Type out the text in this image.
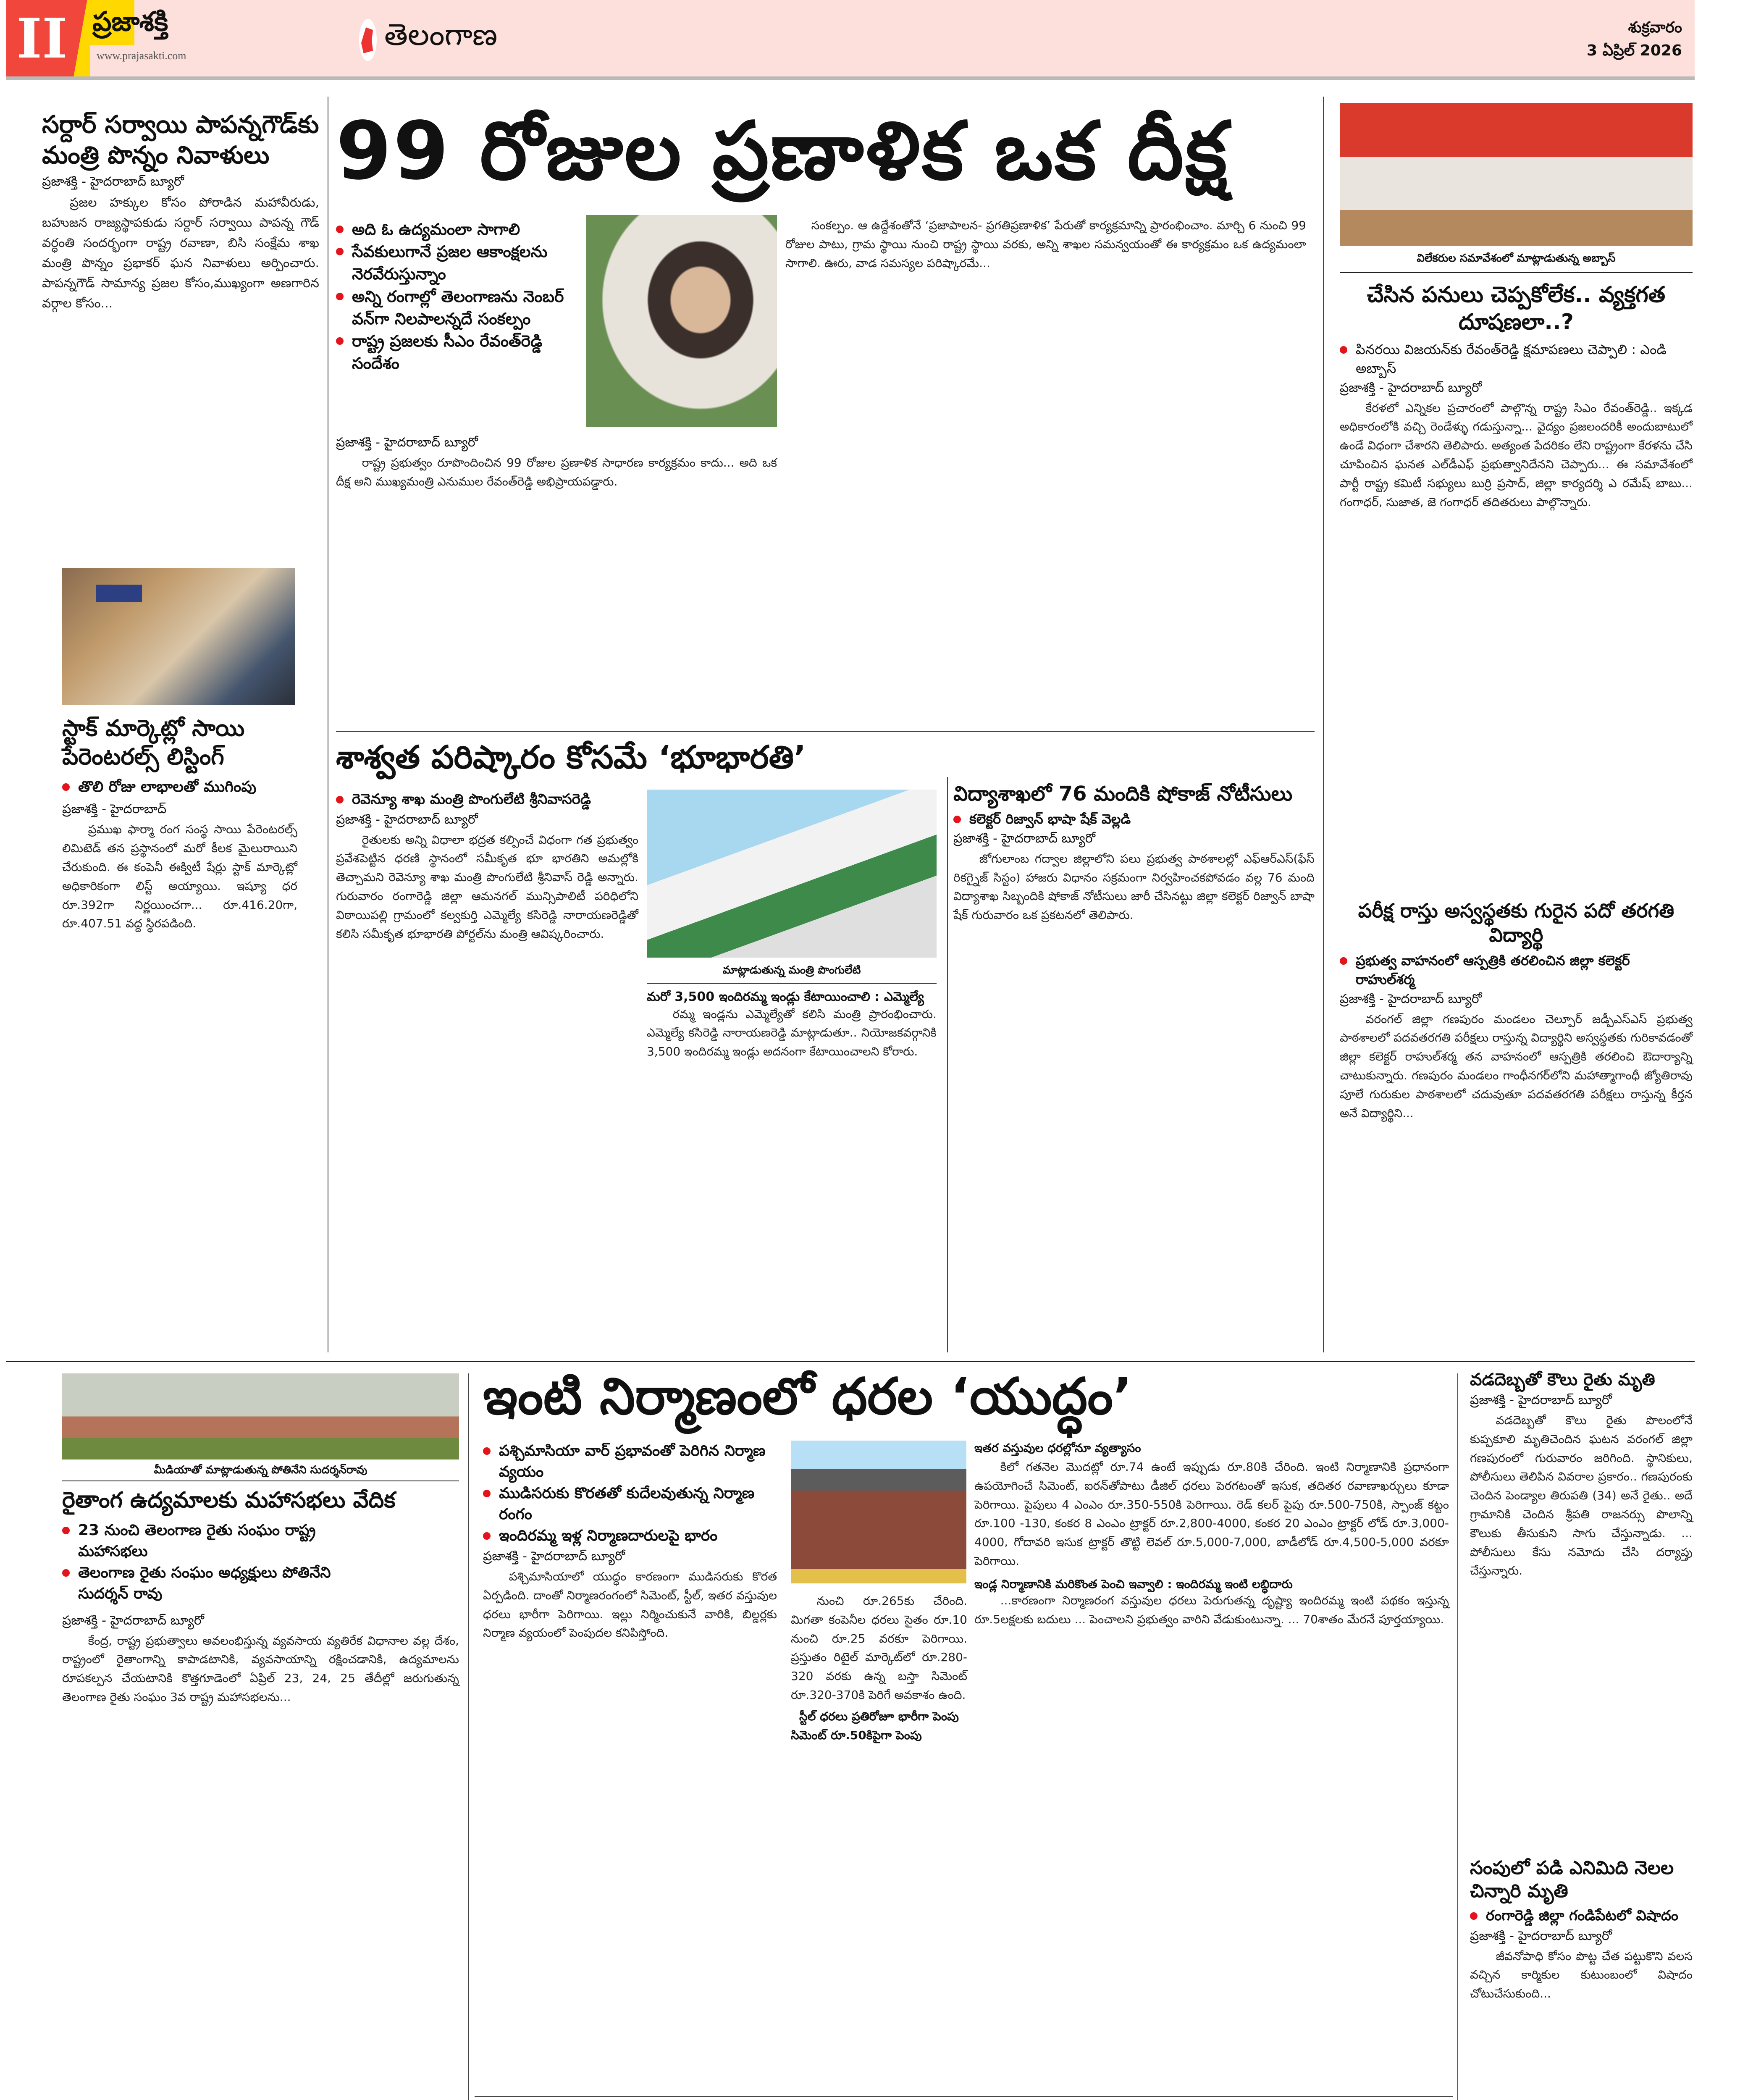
II ప్రజాశక్తి
www.prajasakti.com
తెలంగాణ	శుక్రవారం
3 ఏప్రిల్ 2026
సర్దార్ సర్వాయి పాపన్నగౌడ్‌కు మంత్రి పొన్నం నివాళులు
ప్రజాశక్తి - హైదరాబాద్ బ్యూరో

ప్రజల హక్కుల కోసం పోరాడిన మహావీరుడు, బహుజన రాజ్యస్థాపకుడు సర్దార్ సర్వాయి పాపన్న గౌడ్ వర్ధంతి సందర్భంగా రాష్ట్ర రవాణా, బిసి సంక్షేమ శాఖ మంత్రి పొన్నం ప్రభాకర్ ఘన నివాళులు అర్పించారు. పాపన్నగౌడ్ సామాన్య ప్రజల కోసం,ముఖ్యంగా అణగారిన వర్గాల కోసం...

స్టాక్ మార్కెట్లో సాయి పేరెంటరల్స్ లిస్టింగ్
తొలి రోజు లాభాలతో ముగింపు
ప్రజాశక్తి - హైదరాబాద్

ప్రముఖ ఫార్మా రంగ సంస్థ సాయి పేరెంటరల్స్ లిమిటెడ్ తన ప్రస్థానంలో మరో కీలక మైలురాయిని చేరుకుంది. ఈ కంపెనీ ఈక్విటీ షేర్లు స్టాక్ మార్కెట్లో అధికారికంగా లిస్ట్ అయ్యాయి. ఇష్యూ ధర రూ.392గా నిర్ణయించగా... రూ.416.20గా, రూ.407.51 వద్ద స్థిరపడింది.

99 రోజుల ప్రణాళిక ఒక దీక్ష
అది ఓ ఉద్యమంలా సాగాలి
సేవకులుగానే ప్రజల ఆకాంక్షలను నెరవేరుస్తున్నాం
అన్ని రంగాల్లో తెలంగాణను నెంబర్ వన్‌గా నిలపాలన్నదే సంకల్పం
రాష్ట్ర ప్రజలకు సీఎం రేవంత్‌రెడ్డి సందేశం
ప్రజాశక్తి - హైదరాబాద్ బ్యూరో

రాష్ట్ర ప్రభుత్వం రూపొందించిన 99 రోజుల ప్రణాళిక సాధారణ కార్యక్రమం కాదు... అది ఒక దీక్ష అని ముఖ్యమంత్రి ఎనుముల రేవంత్‌రెడ్డి అభిప్రాయపడ్డారు.

సంకల్పం. ఆ ఉద్దేశంతోనే ‘ప్రజాపాలన- ప్రగతిప్రణాళిక’ పేరుతో కార్యక్రమాన్ని ప్రారంభించాం. మార్చి 6 నుంచి 99 రోజుల పాటు, గ్రామ స్థాయి నుంచి రాష్ట్ర స్థాయి వరకు, అన్ని శాఖల సమన్వయంతో ఈ కార్యక్రమం ఒక ఉద్యమంలా సాగాలి. ఊరు, వాడ సమస్యల పరిష్కారమే...	విలేకరుల సమావేశంలో మాట్లాడుతున్న అబ్బాస్
చేసిన పనులు చెప్పకోలేక.. వ్యక్తగత దూషణలా..?
పినరయి విజయన్‌కు రేవంత్‌రెడ్డి క్షమాపణలు చెప్పాలి : ఎండి అబ్బాస్
ప్రజాశక్తి - హైదరాబాద్ బ్యూరో

కేరళలో ఎన్నికల ప్రచారంలో పాల్గొన్న రాష్ట్ర సిఎం రేవంత్‌రెడ్డి.. ఇక్కడ అధికారంలోకి వచ్చి రెండేళ్ళు గడుస్తున్నా... వైద్యం ప్రజలందరికీ అందుబాటులో ఉండే విధంగా చేశారని తెలిపారు. అత్యంత పేదరికం లేని రాష్ట్రంగా కేరళను చేసి చూపించిన ఘనత ఎల్‌డీఎఫ్ ప్రభుత్వానిదేనని చెప్పారు... ఈ సమావేశంలో పార్టీ రాష్ట్ర కమిటీ సభ్యులు బుర్రి ప్రసాద్, జిల్లా కార్యదర్శి ఎ రమేష్ బాబు... గంగాధర్, సుజాత, జె గంగాధర్ తదితరులు పాల్గొన్నారు.

శాశ్వత పరిష్కారం కోసమే ‘భూభారతి’
రెవెన్యూ శాఖ మంత్రి పొంగులేటి శ్రీనివాసరెడ్డి
ప్రజాశక్తి - హైదరాబాద్ బ్యూరో

రైతులకు అన్ని విధాలా భద్రత కల్పించే విధంగా గత ప్రభుత్వం ప్రవేశపెట్టిన ధరణి స్థానంలో సమీకృత భూ భారతిని అమల్లోకి తెచ్చామని రెవెన్యూ శాఖ మంత్రి పొంగులేటి శ్రీనివాస్ రెడ్డి అన్నారు. గురువారం రంగారెడ్డి జిల్లా ఆమనగల్ మున్సిపాలిటీ పరిధిలోని విఠాయిపల్లి గ్రామంలో కల్వకుర్తి ఎమ్మెల్యే కసిరెడ్డి నారాయణరెడ్డితో కలిసి సమీకృత భూభారతి పోర్టల్‌ను మంత్రి ఆవిష్కరించారు.

మాట్లాడుతున్న మంత్రి పొంగులేటి
మరో 3,500 ఇందిరమ్మ ఇండ్లు కేటాయించాలి : ఎమ్మెల్యే

రమ్మ ఇండ్లను ఎమ్మెల్యేతో కలిసి మంత్రి ప్రారంభించారు. ఎమ్మెల్యే కసిరెడ్డి నారాయణరెడ్డి మాట్లాడుతూ.. నియోజకవర్గానికి 3,500 ఇందిరమ్మ ఇండ్లు అదనంగా కేటాయించాలని కోరారు.

విద్యాశాఖలో 76 మందికి షోకాజ్ నోటీసులు
కలెక్టర్ రిజ్వాన్ భాషా షేక్ వెల్లడి
ప్రజాశక్తి - హైదరాబాద్ బ్యూరో

జోగులాంబ గద్వాల జిల్లాలోని పలు ప్రభుత్వ పాఠశాలల్లో ఎఫ్‌ఆర్‌ఎస్(ఫేస్ రికగ్నైజ్ సిస్టం) హాజరు విధానం సక్రమంగా నిర్వహించకపోవడం వల్ల 76 మంది విద్యాశాఖ సిబ్బందికి షోకాజ్ నోటీసులు జారీ చేసినట్టు జిల్లా కలెక్టర్ రిజ్వాన్ బాషా షేక్ గురువారం ఒక ప్రకటనలో తెలిపారు.	పరీక్ష రాస్తు అస్వస్థతకు గురైన పదో తరగతి విద్యార్థి
ప్రభుత్వ వాహనంలో ఆస్పత్రికి తరలించిన జిల్లా కలెక్టర్ రాహుల్‌శర్మ
ప్రజాశక్తి - హైదరాబాద్ బ్యూరో

వరంగల్ జిల్లా గణపురం మండలం చెల్పూర్ జడ్పీఎస్ఎస్ ప్రభుత్వ పాఠశాలలో పదవతరగతి పరీక్షలు రాస్తున్న విద్యార్థిని అస్వస్థతకు గురికావడంతో జిల్లా కలెక్టర్ రాహుల్‌శర్మ తన వాహనంలో ఆస్పత్రికి తరలించి ఔదార్యాన్ని చాటుకున్నారు. గణపురం మండలం గాంధీనగర్‌లోని మహాత్మాగాంధీ జ్యోతిరావు పూలే గురుకుల పాఠశాలలో చదువుతూ పదవతరగతి పరీక్షలు రాస్తున్న కీర్తన అనే విద్యార్థిని...

మీడియాతో మాట్లాడుతున్న పోతినేని సుదర్శన్‌రావు
రైతాంగ ఉద్యమాలకు మహాసభలు వేదిక
23 నుంచి తెలంగాణ రైతు సంఘం రాష్ట్ర మహాసభలు
తెలంగాణ రైతు సంఘం అధ్యక్షులు పోతినేని సుదర్శన్ రావు
ప్రజాశక్తి - హైదరాబాద్ బ్యూరో

కేంద్ర, రాష్ట్ర ప్రభుత్వాలు అవలంభిస్తున్న వ్యవసాయ వ్యతిరేక విధానాల వల్ల దేశం, రాష్ట్రంలో రైతాంగాన్ని కాపాడటానికి, వ్యవసాయాన్ని రక్షించడానికి, ఉద్యమాలను రూపకల్పన చేయటానికి కొత్తగూడెంలో ఏప్రిల్ 23, 24, 25 తేదీల్లో జరుగుతున్న తెలంగాణ రైతు సంఘం 3వ రాష్ట్ర మహాసభలను...

ఇంటి నిర్మాణంలో ధరల ‘యుద్ధం’
పశ్చిమాసియా వార్ ప్రభావంతో పెరిగిన నిర్మాణ వ్యయం
ముడిసరుకు కొరతతో కుదేలవుతున్న నిర్మాణ రంగం
ఇందిరమ్మ ఇళ్ల నిర్మాణదారులపై భారం
ప్రజాశక్తి - హైదరాబాద్ బ్యూరో

పశ్చిమాసియాలో యుద్ధం కారణంగా ముడిసరుకు కొరత ఏర్పడింది. దాంతో నిర్మాణరంగంలో సిమెంట్, స్టీల్, ఇతర వస్తువుల ధరలు భారీగా పెరిగాయి. ఇల్లు నిర్మించుకునే వారికి, బిల్డర్లకు నిర్మాణ వ్యయంలో పెంపుదల కనిపిస్తోంది.

నుంచి రూ.265కు చేరింది. మిగతా కంపెనీల ధరలు సైతం రూ.10 నుంచి రూ.25 వరకూ పెరిగాయి. ప్రస్తుతం రిటైల్ మార్కెట్‌లో రూ.280-320 వరకు ఉన్న బస్తా సిమెంట్ రూ.320-370కి పెరిగే అవకాశం ఉంది.

స్టీల్ ధరలు ప్రతిరోజూ భారీగా పెంపు
సిమెంట్ రూ.50కిపైగా పెంపు
ఇతర వస్తువుల ధరల్లోనూ వ్యత్యాసం

కిలో గతనెల మొదట్లో రూ.74 ఉంటే ఇప్పుడు రూ.80కి చేరింది. ఇంటి నిర్మాణానికి ప్రధానంగా ఉపయోగించే సిమెంట్, ఐరన్‌తోపాటు డీజిల్ ధరలు పెరగటంతో ఇసుక, తదితర రవాణాఖర్చులు కూడా పెరిగాయి. పైపులు 4 ఎంఎం రూ.350-550కి పెరిగాయి. రెడ్ కలర్ పైపు రూ.500-750కి, స్పాంజ్ కట్టం రూ.100 -130, కంకర 8 ఎంఎం ట్రాక్టర్ రూ.2,800-4000, కంకర 20 ఎంఎం ట్రాక్టర్ లోడ్ రూ.3,000-4000, గోదావరి ఇసుక ట్రాక్టర్ తొట్టి లెవల్ రూ.5,000-7,000, బాడీలోడ్ రూ.4,500-5,000 వరకూ పెరిగాయి.

ఇండ్ల నిర్మాణానికి మరికొంత పెంచి ఇవ్వాలి : ఇందిరమ్మ ఇంటి లబ్ధిదారు

...కారణంగా నిర్మాణరంగ వస్తువుల ధరలు పెరుగుతన్న దృష్ట్యా ఇందిరమ్మ ఇంటి పథకం ఇస్తున్న రూ.5లక్షలకు బదులు ... పెంచాలని ప్రభుత్వం వారిని వేడుకుంటున్నా. ... 70శాతం మేరనే పూర్తయ్యాయి.

వడదెబ్బతో కౌలు రైతు మృతి
ప్రజాశక్తి - హైదరాబాద్ బ్యూరో

వడదెబ్బతో కౌలు రైతు పొలంలోనే కుప్పకూలి మృతిచెందిన ఘటన వరంగల్ జిల్లా గణపురంలో గురువారం జరిగింది. స్థానికులు, పోలీసులు తెలిపిన వివరాల ప్రకారం.. గణపురంకు చెందిన పెండ్యాల తిరుపతి (34) అనే రైతు.. అదే గ్రామానికి చెందిన శ్రీపతి రాజనర్సు పొలాన్ని కౌలుకు తీసుకుని సాగు చేస్తున్నాడు. ... పోలీసులు కేసు నమోదు చేసి దర్యాప్తు చేస్తున్నారు.

సంపులో పడి ఎనిమిది నెలల చిన్నారి మృతి
రంగారెడ్డి జిల్లా గండిపేటలో విషాదం
ప్రజాశక్తి - హైదరాబాద్ బ్యూరో

జీవనోపాధి కోసం పొట్ట చేత పట్టుకొని వలస వచ్చిన కార్మికుల కుటుంబంలో విషాదం చోటుచేసుకుంది...
